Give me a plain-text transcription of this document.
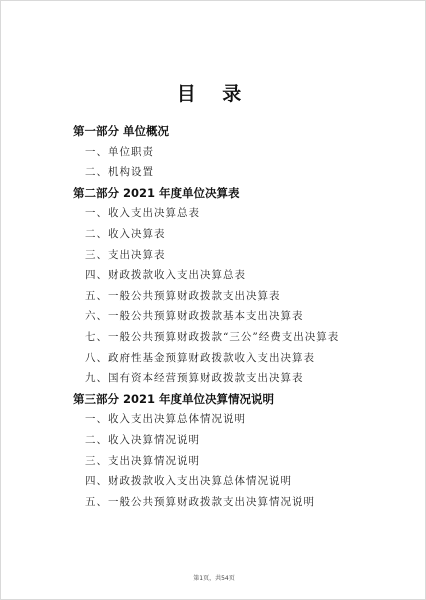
目 录
第一部分 单位概况
一、单位职责
二、机构设置
第二部分 2021 年度单位决算表
一、收入支出决算总表
二、收入决算表
三、支出决算表
四、财政拨款收入支出决算总表
五、一般公共预算财政拨款支出决算表
六、一般公共预算财政拨款基本支出决算表
七、一般公共预算财政拨款“三公”经费支出决算表
八、政府性基金预算财政拨款收入支出决算表
九、国有资本经营预算财政拨款支出决算表
第三部分 2021 年度单位决算情况说明
一、收入支出决算总体情况说明
二、收入决算情况说明
三、支出决算情况说明
四、财政拨款收入支出决算总体情况说明
五、一般公共预算财政拨款支出决算情况说明
第1页，共54页
